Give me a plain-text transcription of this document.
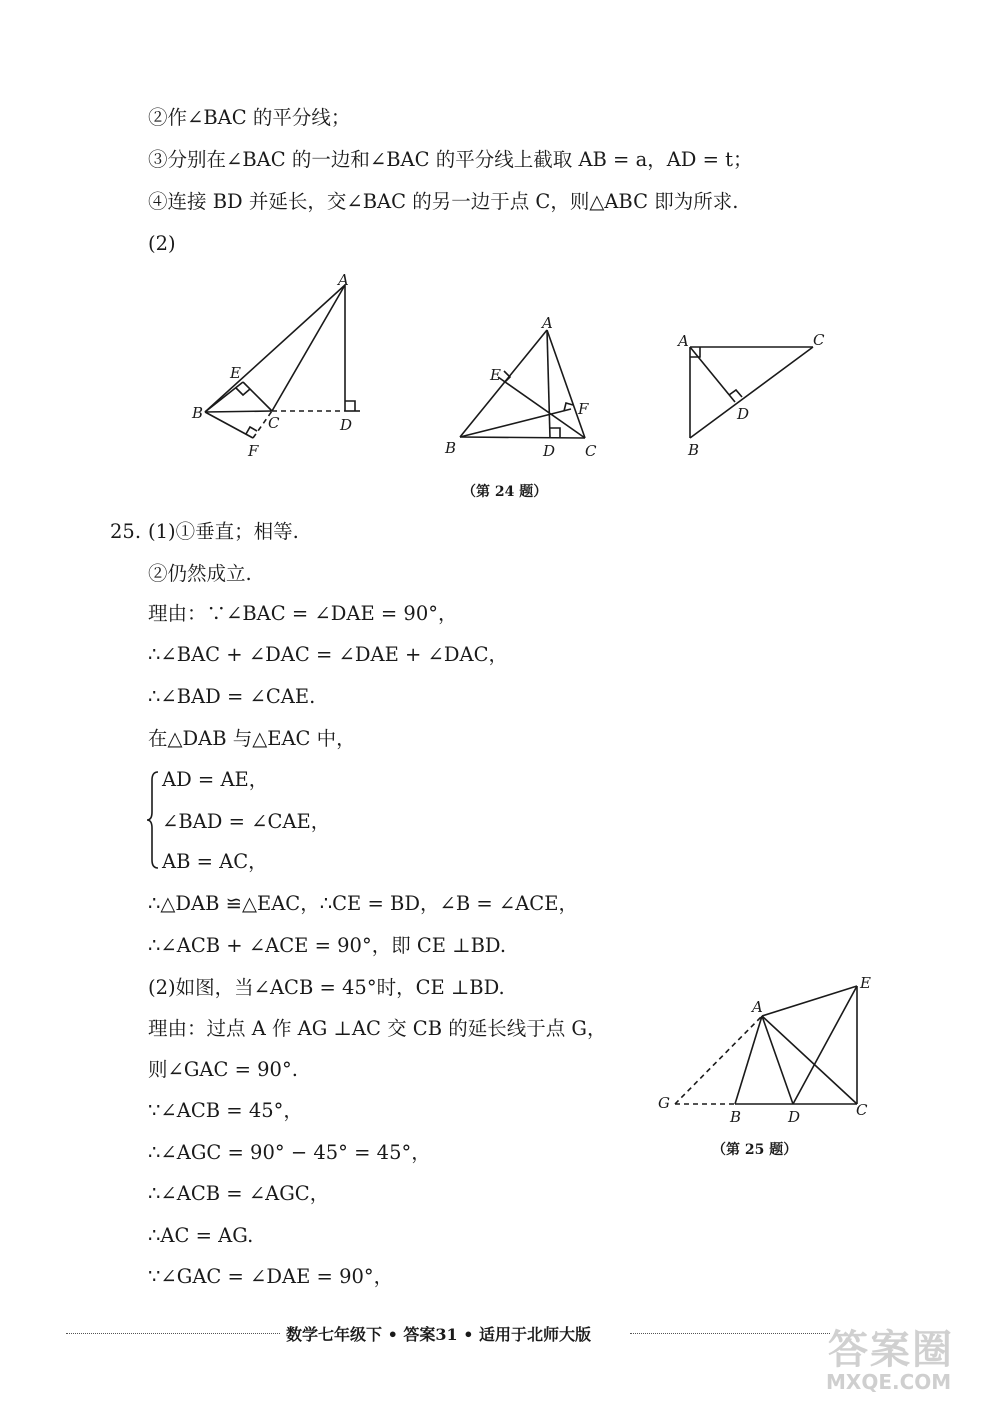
②作∠BAC 的平分线；
③分别在∠BAC 的一边和∠BAC 的平分线上截取 AB = a，AD = t；
④连接 BD 并延长，交∠BAC 的另一边于点 C，则△ABC 即为所求.
(2)
A
E
B
C	D
F
A
E
F
B	D C
A	C
D
B
（第 24 题）
25. (1)①垂直；相等.
②仍然成立.
理由：∵∠BAC = ∠DAE = 90°，
∴∠BAC + ∠DAC = ∠DAE + ∠DAC，
∴∠BAD = ∠CAE.
在△DAB 与△EAC 中，
AD = AE，
∠BAD = ∠CAE，
AB = AC，
∴△DAB ≌△EAC，∴CE = BD，∠B = ∠ACE，
∴∠ACB + ∠ACE = 90°，即 CE ⊥BD.
(2)如图，当∠ACB = 45°时，CE ⊥BD.
理由：过点 A 作 AG ⊥AC 交 CB 的延长线于点 G，
则∠GAC = 90°.
∵∠ACB = 45°，
∴∠AGC = 90° − 45° = 45°，
∴∠ACB = ∠AGC，
∴AC = AG.
∵∠GAC = ∠DAE = 90°，
A
E
G
B	D	C
（第 25 题）
数学七年级下 • 答案31 • 适用于北师大版	答案圈
MXQE.COM
